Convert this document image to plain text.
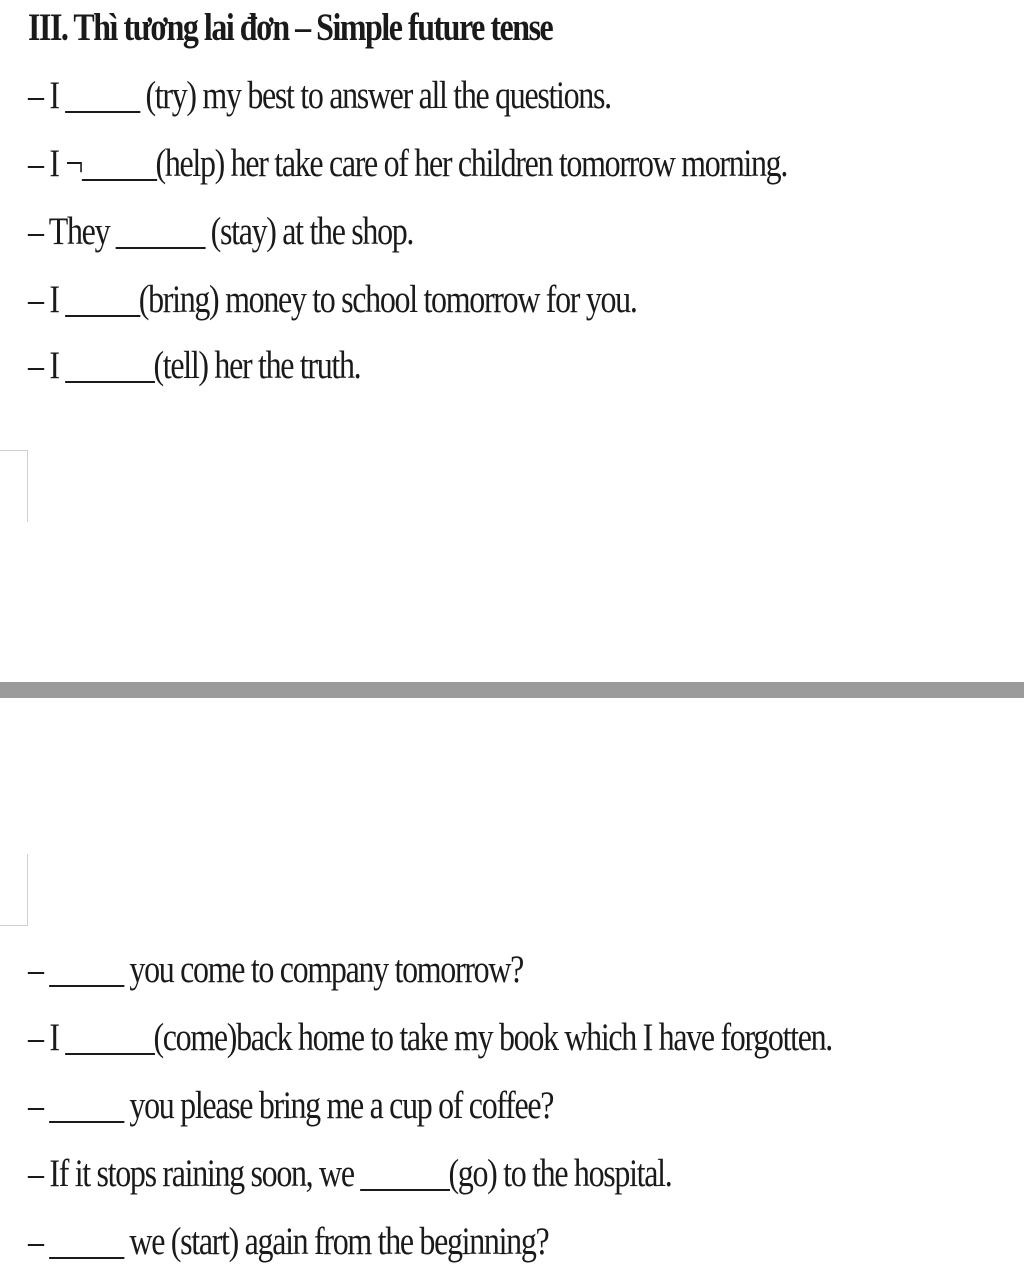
III. Thì tương lai đơn – Simple future tense
– I _____ (try) my best to answer all the questions.
– I ¬_____(help) her take care of her children tomorrow morning.
– They ______ (stay) at the shop.
– I _____(bring) money to school tomorrow for you.
– I ______(tell) her the truth.
– _____ you come to company tomorrow?
– I ______(come)back home to take my book which I have forgotten.
– _____ you please bring me a cup of coffee?
– If it stops raining soon, we ______(go) to the hospital.
– _____ we (start) again from the beginning?
